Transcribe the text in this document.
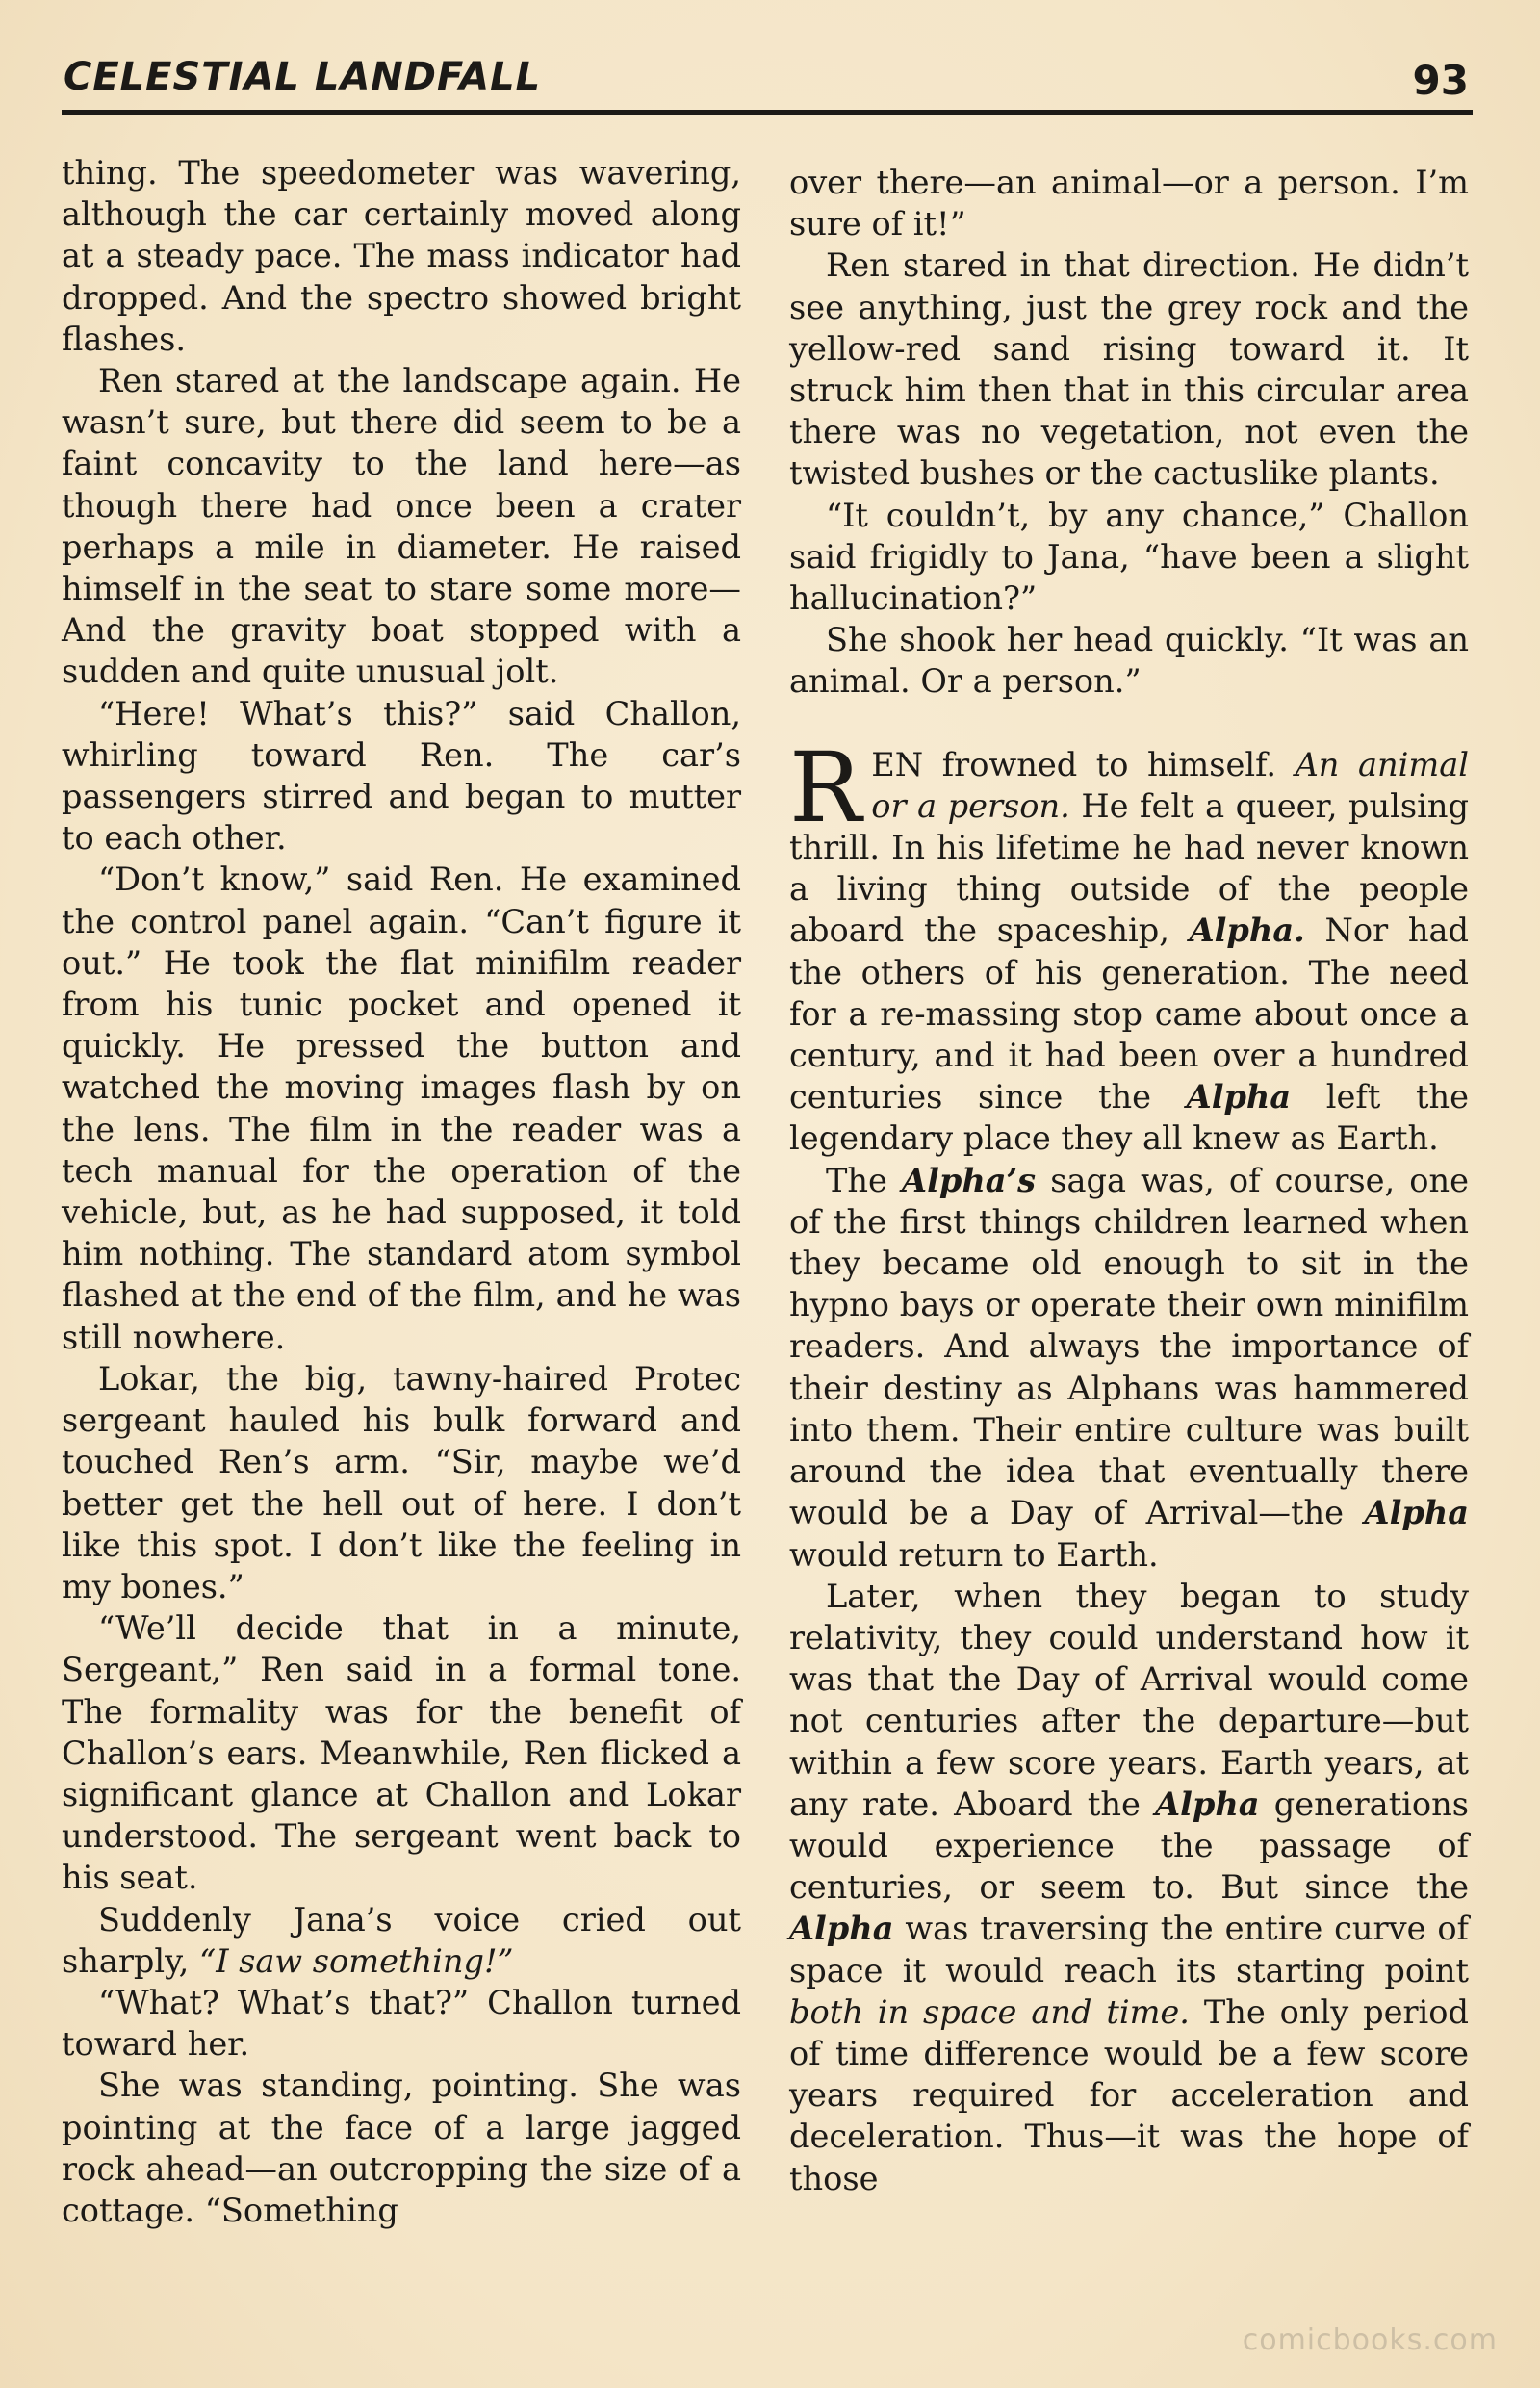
CELESTIAL LANDFALL	93

thing. The speedometer was wavering, although the car certainly moved along at a steady pace. The mass indicator had dropped. And the spectro showed bright flashes.

Ren stared at the landscape again. He wasn’t sure, but there did seem to be a faint concavity to the land here—as though there had once been a crater perhaps a mile in diameter. He raised himself in the seat to stare some more—And the gravity boat stopped with a sudden and quite unusual jolt.

“Here! What’s this?” said Challon, whirling toward Ren. The car’s passengers stirred and began to mutter to each other.

“Don’t know,” said Ren. He examined the control panel again. “Can’t figure it out.” He took the flat minifilm reader from his tunic pocket and opened it quickly. He pressed the button and watched the moving images flash by on the lens. The film in the reader was a tech manual for the operation of the vehicle, but, as he had supposed, it told him nothing. The standard atom symbol flashed at the end of the film, and he was still nowhere.

Lokar, the big, tawny-haired Protec sergeant hauled his bulk forward and touched Ren’s arm. “Sir, maybe we’d better get the hell out of here. I don’t like this spot. I don’t like the feeling in my bones.”

“We’ll decide that in a minute, Sergeant,” Ren said in a formal tone. The formality was for the benefit of Challon’s ears. Meanwhile, Ren flicked a significant glance at Challon and Lokar understood. The sergeant went back to his seat.

Suddenly Jana’s voice cried out sharply, “I saw something!”

“What? What’s that?” Challon turned toward her.

She was standing, pointing. She was pointing at the face of a large jagged rock ahead—an outcropping the size of a cottage. “Something

over there—an animal—or a person. I’m sure of it!”

Ren stared in that direction. He didn’t see anything, just the grey rock and the yellow-red sand rising toward it. It struck him then that in this circular area there was no vegetation, not even the twisted bushes or the cactuslike plants.

“It couldn’t, by any chance,” Challon said frigidly to Jana, “have been a slight hallucination?”

She shook her head quickly. “It was an animal. Or a person.”

REN frowned to himself. An animal or a person. He felt a queer, pulsing thrill. In his lifetime he had never known a living thing outside of the people aboard the spaceship, Alpha. Nor had the others of his generation. The need for a re-massing stop came about once a century, and it had been over a hundred centuries since the Alpha left the legendary place they all knew as Earth.

The Alpha’s saga was, of course, one of the first things children learned when they became old enough to sit in the hypno bays or operate their own minifilm readers. And always the importance of their destiny as Alphans was hammered into them. Their entire culture was built around the idea that eventually there would be a Day of Arrival—the Alpha would return to Earth.

Later, when they began to study relativity, they could understand how it was that the Day of Arrival would come not centuries after the departure—but within a few score years. Earth years, at any rate. Aboard the Alpha generations would experience the passage of centuries, or seem to. But since the Alpha was traversing the entire curve of space it would reach its starting point both in space and time. The only period of time difference would be a few score years required for acceleration and deceleration. Thus—it was the hope of those

comicbooks.com
